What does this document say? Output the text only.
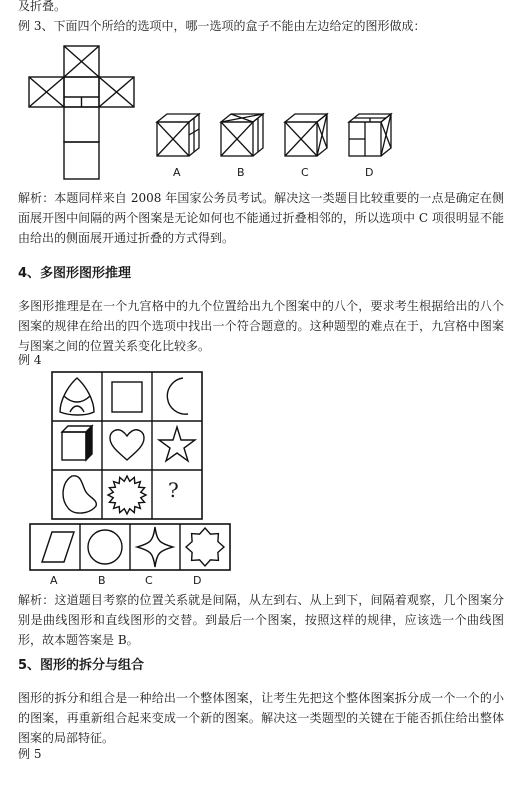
及折叠。
例 3、下面四个所给的选项中，哪一选项的盒子不能由左边给定的图形做成：
A	B	C	D
解析：本题同样来自 2008 年国家公务员考试。解决这一类题目比较重要的一点是确定在侧面展开图中间隔的两个图案是无论如何也不能通过折叠相邻的，所以选项中 C 项很明显不能由给出的侧面展开通过折叠的方式得到。
4、多图形图形推理
多图形推理是在一个九宫格中的九个位置给出九个图案中的八个，要求考生根据给出的八个图案的规律在给出的四个选项中找出一个符合题意的。这种题型的难点在于，九宫格中图案与图案之间的位置关系变化比较多。
例 4
?
A	B	C	D
解析：这道题目考察的位置关系就是间隔，从左到右、从上到下，间隔着观察，几个图案分别是曲线图形和直线图形的交替。到最后一个图案，按照这样的规律，应该选一个曲线图形，故本题答案是 B。
5、图形的拆分与组合
图形的拆分和组合是一种给出一个整体图案，让考生先把这个整体图案拆分成一个一个的小的图案，再重新组合起来变成一个新的图案。解决这一类题型的关键在于能否抓住给出整体图案的局部特征。
例 5
